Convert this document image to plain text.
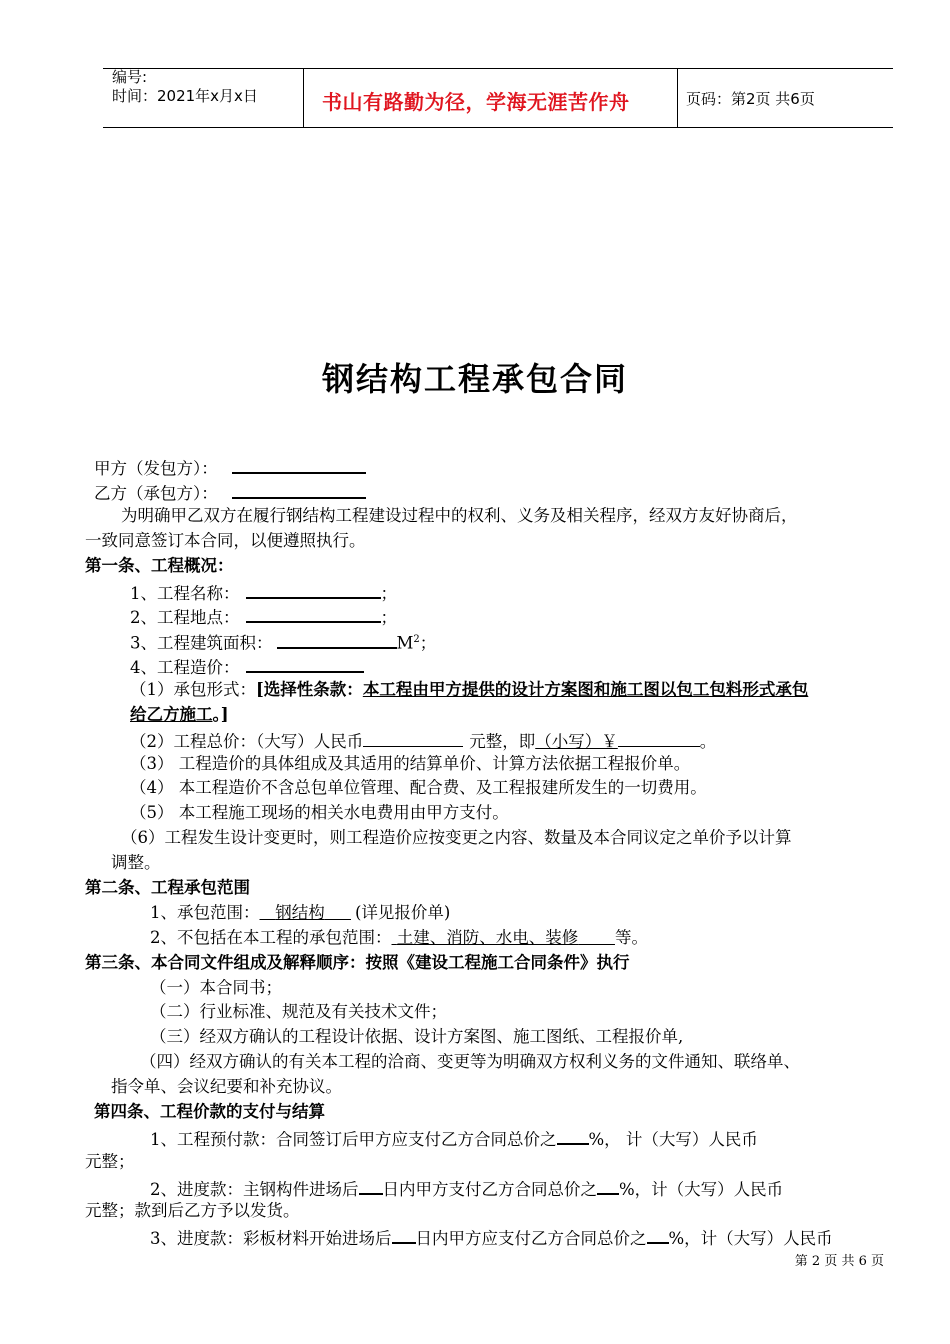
编号:
时间：2021年x月x日	书山有路勤为径，学海无涯苦作舟	页码：第2页 共6页
钢结构工程承包合同
甲方（发包方）：
乙方（承包方）：
为明确甲乙双方在履行钢结构工程建设过程中的权利、义务及相关程序，经双方友好协商后，
一致同意签订本合同，以便遵照执行。
第一条、工程概况：
1、工程名称：	；
2、工程地点：	；
3、工程建筑面积：	$M^2$；
4、工程造价：
（1）承包形式：[选择性条款：本工程由甲方提供的设计方案图和施工图以包工包料形式承包
给乙方施工。]
（2）工程总价：（大写）人民币	元整，即（小写）￥	。
（3） 工程造价的具体组成及其适用的结算单价、计算方法依据工程报价单。
（4） 本工程造价不含总包单位管理、配合费、及工程报建所发生的一切费用。
（5） 本工程施工现场的相关水电费用由甲方支付。
（6）工程发生设计变更时，则工程造价应按变更之内容、数量及本合同议定之单价予以计算
调整。
第二条、工程承包范围
1、承包范围： 钢结构 (详见报价单)
2、不包括在本工程的承包范围： 土建、消防、水电、装修 等。
第三条、本合同文件组成及解释顺序：按照《建设工程施工合同条件》执行
（一）本合同书；
（二）行业标准、规范及有关技术文件；
（三）经双方确认的工程设计依据、设计方案图、施工图纸、工程报价单,
（四）经双方确认的有关本工程的洽商、变更等为明确双方权利义务的文件通知、联络单、
指令单、会议纪要和补充协议。
第四条、工程价款的支付与结算
1、工程预付款：合同签订后甲方应支付乙方合同总价之 %， 计（大写）人民币
元整；
2、进度款：主钢构件进场后 日内甲方支付乙方合同总价之 %，计（大写）人民币
元整；款到后乙方予以发货。
3、进度款：彩板材料开始进场后 日内甲方应支付乙方合同总价之 %，计（大写）人民币
第 2 页 共 6 页
